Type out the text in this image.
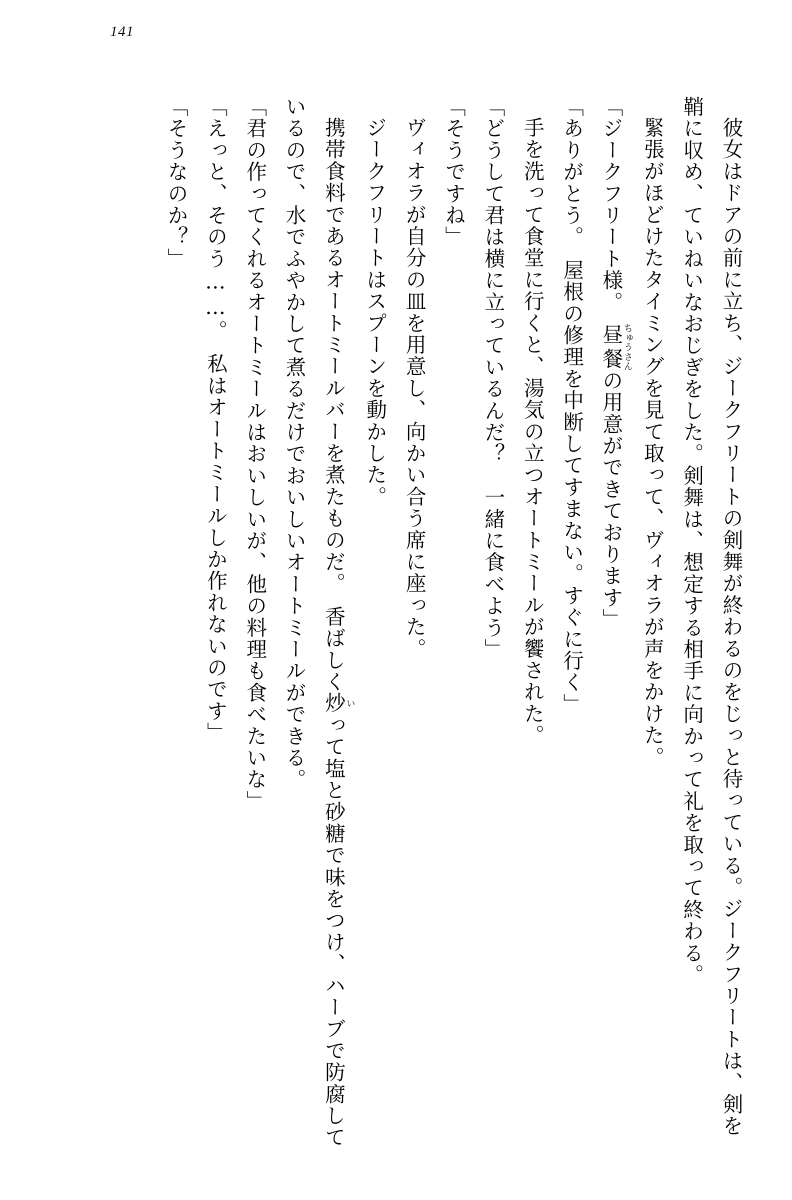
141

彼女はドアの前に立ち、ジークフリートの剣舞が終わるのをじっと待っている。ジークフリートは、剣を鞘に収め、ていねいなおじぎをした。剣舞は、想定する相手に向かって礼を取って終わる。

緊張がほどけたタイミングを見て取って、ヴィオラが声をかけた。

「ジークフリート様。　昼餐 ちゅうさんの用意ができております」

「ありがとう。　屋根の修理を中断してすまない。すぐに行く」

手を洗って食堂に行くと、湯気の立つオートミールが饗された。

「どうして君は横に立っているんだ？　一緒に食べよう」

「そうですね」

ヴィオラが自分の皿を用意し、向かい合う席に座った。

ジークフリートはスプーンを動かした。

携帯食料であるオートミールバーを煮たものだ。　香ばしく炒 いって塩と砂糖で味をつけ、ハーブで防腐しているので、水でふやかして煮るだけでおいしいオートミールができる。

「君の作ってくれるオートミールはおいしいが、他の料理も食べたいな」

「えっと、そのう……。　私はオートミールしか作れないのです」

「そうなのか？」
